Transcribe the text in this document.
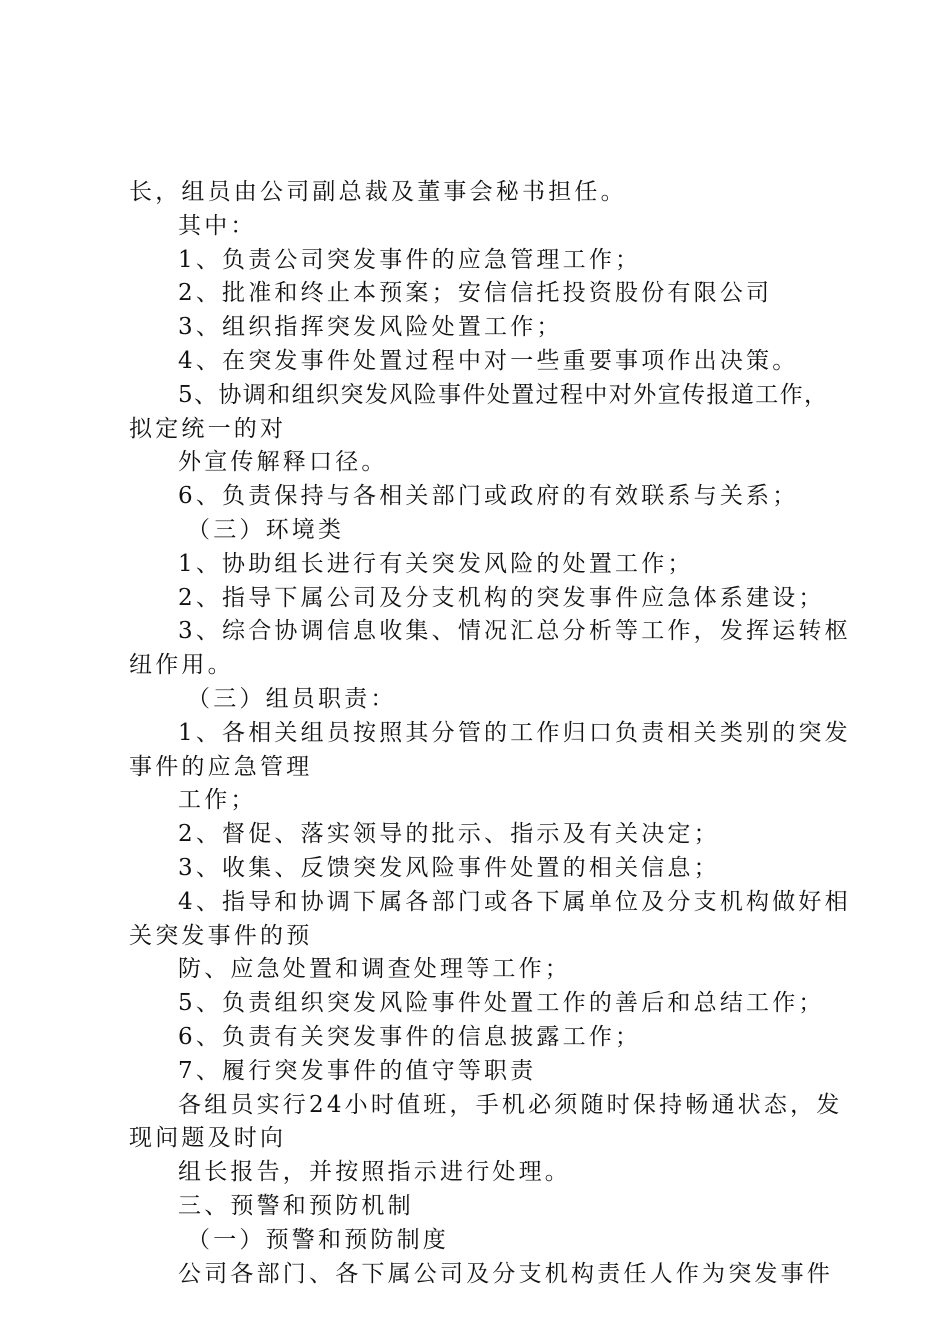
长，组员由公司副总裁及董事会秘书担任。
其中：
1、负责公司突发事件的应急管理工作；
2、批准和终止本预案；安信信托投资股份有限公司
3、组织指挥突发风险处置工作；
4、在突发事件处置过程中对一些重要事项作出决策。
5、协调和组织突发风险事件处置过程中对外宣传报道工作，
拟定统一的对
外宣传解释口径。
6、负责保持与各相关部门或政府的有效联系与关系；
（三）环境类
1、协助组长进行有关突发风险的处置工作；
2、指导下属公司及分支机构的突发事件应急体系建设；
3、综合协调信息收集、情况汇总分析等工作，发挥运转枢
纽作用。
（三）组员职责：
1、各相关组员按照其分管的工作归口负责相关类别的突发
事件的应急管理
工作；
2、督促、落实领导的批示、指示及有关决定；
3、收集、反馈突发风险事件处置的相关信息；
4、指导和协调下属各部门或各下属单位及分支机构做好相
关突发事件的预
防、应急处置和调查处理等工作；
5、负责组织突发风险事件处置工作的善后和总结工作；
6、负责有关突发事件的信息披露工作；
7、履行突发事件的值守等职责
各组员实行24小时值班，手机必须随时保持畅通状态，发
现问题及时向
组长报告，并按照指示进行处理。
三、预警和预防机制
（一）预警和预防制度
公司各部门、各下属公司及分支机构责任人作为突发事件
